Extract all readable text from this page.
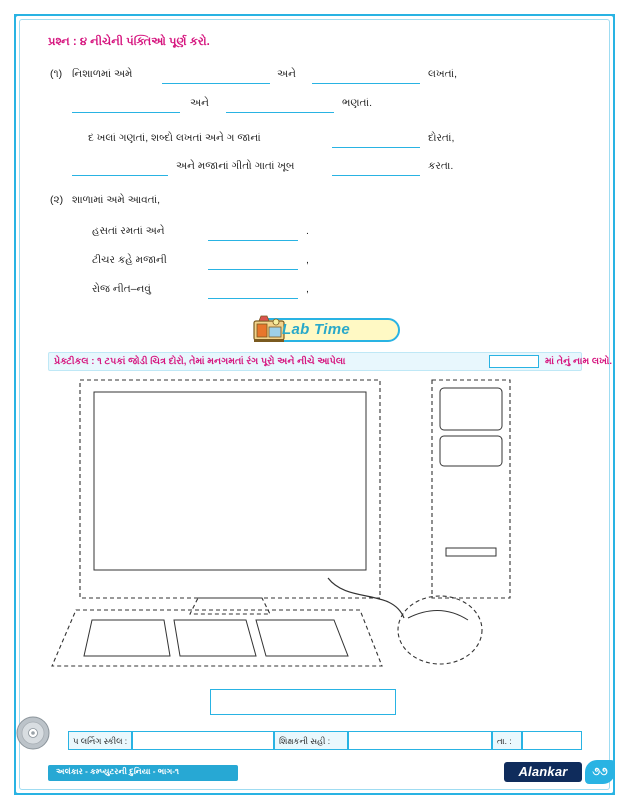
પ્રશ્ન : ૪ નીચેની પંક્તિઓ પૂર્ણ કરો.
(૧) નિશાળમાં અમે	અને	લખતાં,
અને	ભણતાં.
દ ખલાં ગણતાં, શબ્દો લખતાં અને ગ જાનાં	દોરતાં,
અને મજાનાં ગીતો ગાતાં ખૂબ	કરતા.
(૨) શાળામાં અમે આવતાં,
હસતાં રમતાં અને	.
ટીચર કહે મજાની	,
રોજ નીત–નવું	,
Lab Time
પ્રેક્ટીકલ : ૧ ટપકાં જોડી ચિત્ર દોરો, તેમાં મનગમતાં રંગ પૂરો અને નીચે આપેલા	માં તેનું નામ લખો.
પ લર્નિગ સ્કીલ :	શિક્ષકની સહી :	તા. :
અલંકાર - કમ્પ્યુટરની દુનિયા - ભાગ-૧	Alankar	૭૭
